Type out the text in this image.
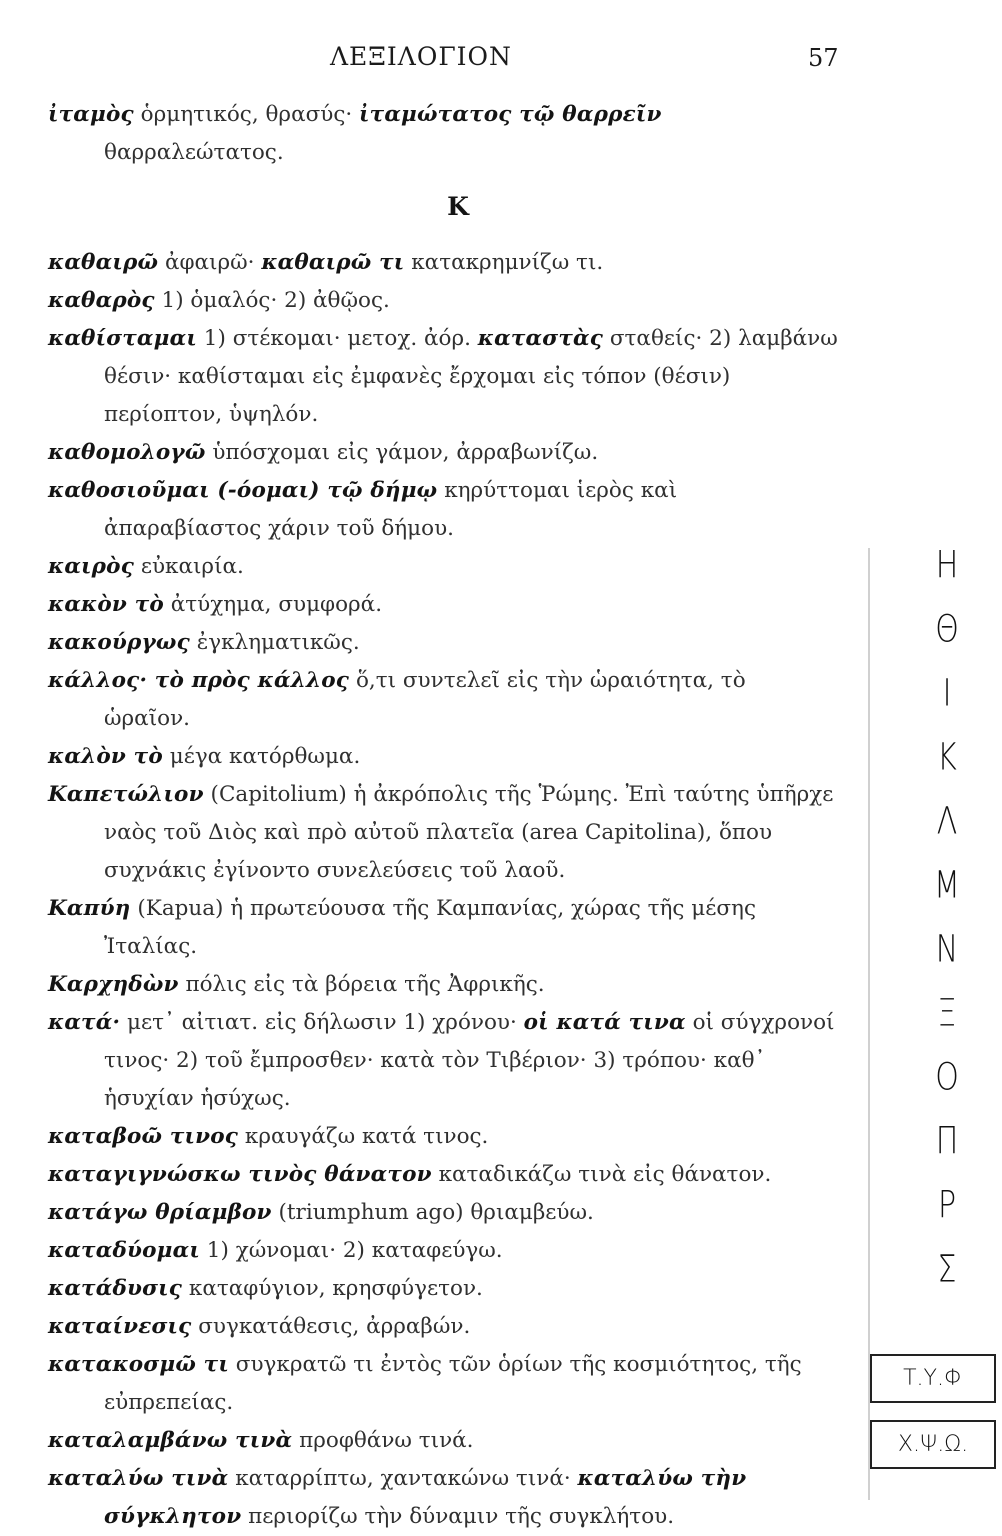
ΛΕΞΙΛΟΓΙΟΝ	57
ἰταμὸς ὁρμητικός, θρασύς· ἰταμώτατος τῷ θαρρεῖν θαρραλεώτατος.
Κ
καθαιρῶ ἀφαιρῶ· καθαιρῶ τι κατακρημνίζω τι.
καθαρὸς 1) ὁμαλός· 2) ἀθῷος.
καθίσταμαι 1) στέκομαι· μετοχ. ἀόρ. καταστὰς σταθείς· 2) λαμβάνω θέσιν· καθίσταμαι εἰς ἐμφανὲς ἔρχομαι εἰς τόπον (θέσιν) περίοπτον, ὑψηλόν.
καθομολογῶ ὑπόσχομαι εἰς γάμον, ἀρραβωνίζω.
καθοσιοῦμαι (-όομαι) τῷ δήμῳ κηρύττομαι ἱερὸς καὶ ἀπαραβίαστος χάριν τοῦ δήμου.
καιρὸς εὐκαιρία.
κακὸν τὸ ἀτύχημα, συμφορά.
κακούργως ἐγκληματικῶς.
κάλλος· τὸ πρὸς κάλλος ὅ,τι συντελεῖ εἰς τὴν ὡραιότητα, τὸ ὡραῖον.
καλὸν τὸ μέγα κατόρθωμα.
Καπετώλιον (Capitolium) ἡ ἀκρόπολις τῆς Ῥώμης. Ἐπὶ ταύτης ὑπῆρχε ναὸς τοῦ Διὸς καὶ πρὸ αὐτοῦ πλατεῖα (area Capitolina), ὅπου συχνάκις ἐγίνοντο συνελεύσεις τοῦ λαοῦ.
Καπύη (Kapua) ἡ πρωτεύουσα τῆς Καμπανίας, χώρας τῆς μέσης Ἰταλίας.
Καρχηδὼν πόλις εἰς τὰ βόρεια τῆς Ἀφρικῆς.
κατά· μετ᾽ αἰτιατ. εἰς δήλωσιν 1) χρόνου· οἱ κατά τινα οἱ σύγχρονοί τινος· 2) τοῦ ἔμπροσθεν· κατὰ τὸν Τιβέριον· 3) τρόπου· καθ᾽ ἡσυχίαν ἡσύχως.
καταβοῶ τινος κραυγάζω κατά τινος.
καταγιγνώσκω τινὸς θάνατον καταδικάζω τινὰ εἰς θάνατον.
κατάγω θρίαμβον (triumphum ago) θριαμβεύω.
καταδύομαι 1) χώνομαι· 2) καταφεύγω.
κατάδυσις καταφύγιον, κρησφύγετον.
καταίνεσις συγκατάθεσις, ἀρραβών.
κατακοσμῶ τι συγκρατῶ τι ἐντὸς τῶν ὁρίων τῆς κοσμιότητος, τῆς εὐπρεπείας.
καταλαμβάνω τινὰ προφθάνω τινά.
καταλύω τινὰ καταρρίπτω, χαντακώνω τινά· καταλύω τὴν σύγκλητον περιορίζω τὴν δύναμιν τῆς συγκλήτου.
Η
Θ
Ι
Κ
Λ
Μ
Ν
Ξ
Ο
Π
Ρ
Σ
Τ.Υ.Φ
Χ.Ψ.Ω.
